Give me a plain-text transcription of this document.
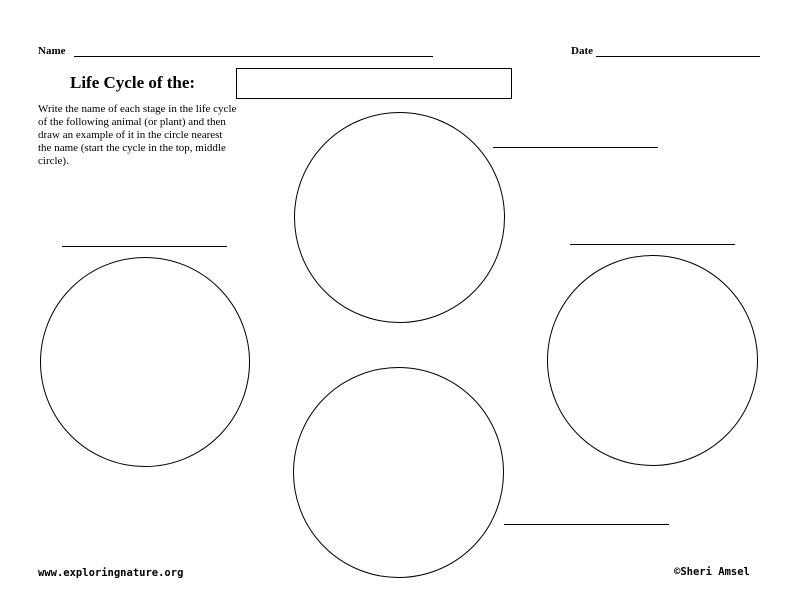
Name	Date
Life Cycle of the:
Write the name of each stage in the life cycle of the following animal (or plant) and then draw an example of it in the circle nearest the name (start the cycle in the top, middle circle).
www.exploringnature.org	©Sheri Amsel
